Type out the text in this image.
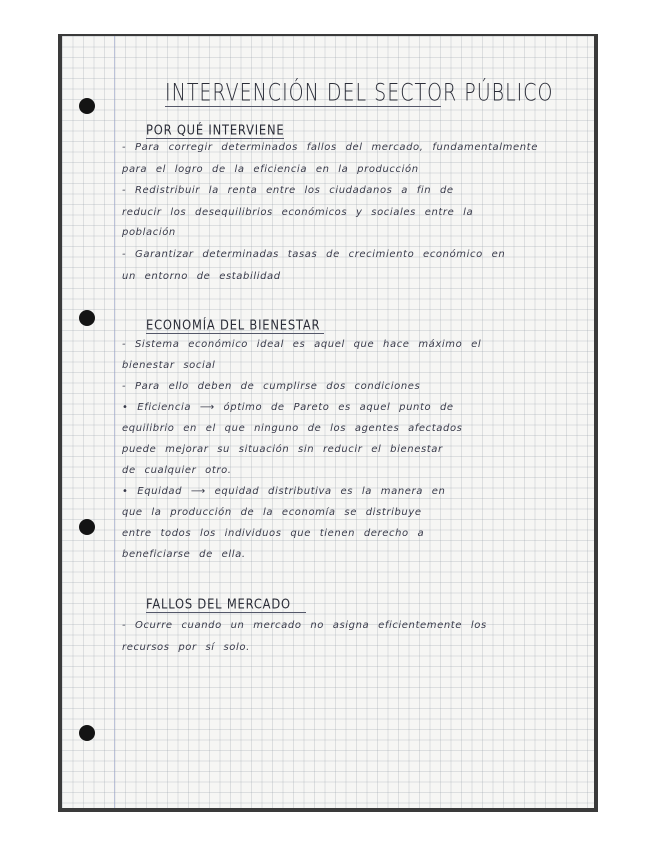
INTERVENCIÓN DEL SECTOR PÚBLICO
POR QUÉ INTERVIENE
- Para corregir determinados fallos del mercado, fundamentalmente
para el logro de la eficiencia en la producción
- Redistribuir la renta entre los ciudadanos a fin de
reducir los desequilibrios económicos y sociales entre la
población
- Garantizar determinadas tasas de crecimiento económico en
un entorno de estabilidad
ECONOMÍA DEL BIENESTAR
- Sistema económico ideal es aquel que hace máximo el
bienestar social
- Para ello deben de cumplirse dos condiciones
• Eficiencia ⟶ óptimo de Pareto es aquel punto de
equilibrio en el que ninguno de los agentes afectados
puede mejorar su situación sin reducir el bienestar
de cualquier otro.
• Equidad ⟶ equidad distributiva es la manera en
que la producción de la economía se distribuye
entre todos los individuos que tienen derecho a
beneficiarse de ella.
FALLOS DEL MERCADO
- Ocurre cuando un mercado no asigna eficientemente los
recursos por sí solo.
